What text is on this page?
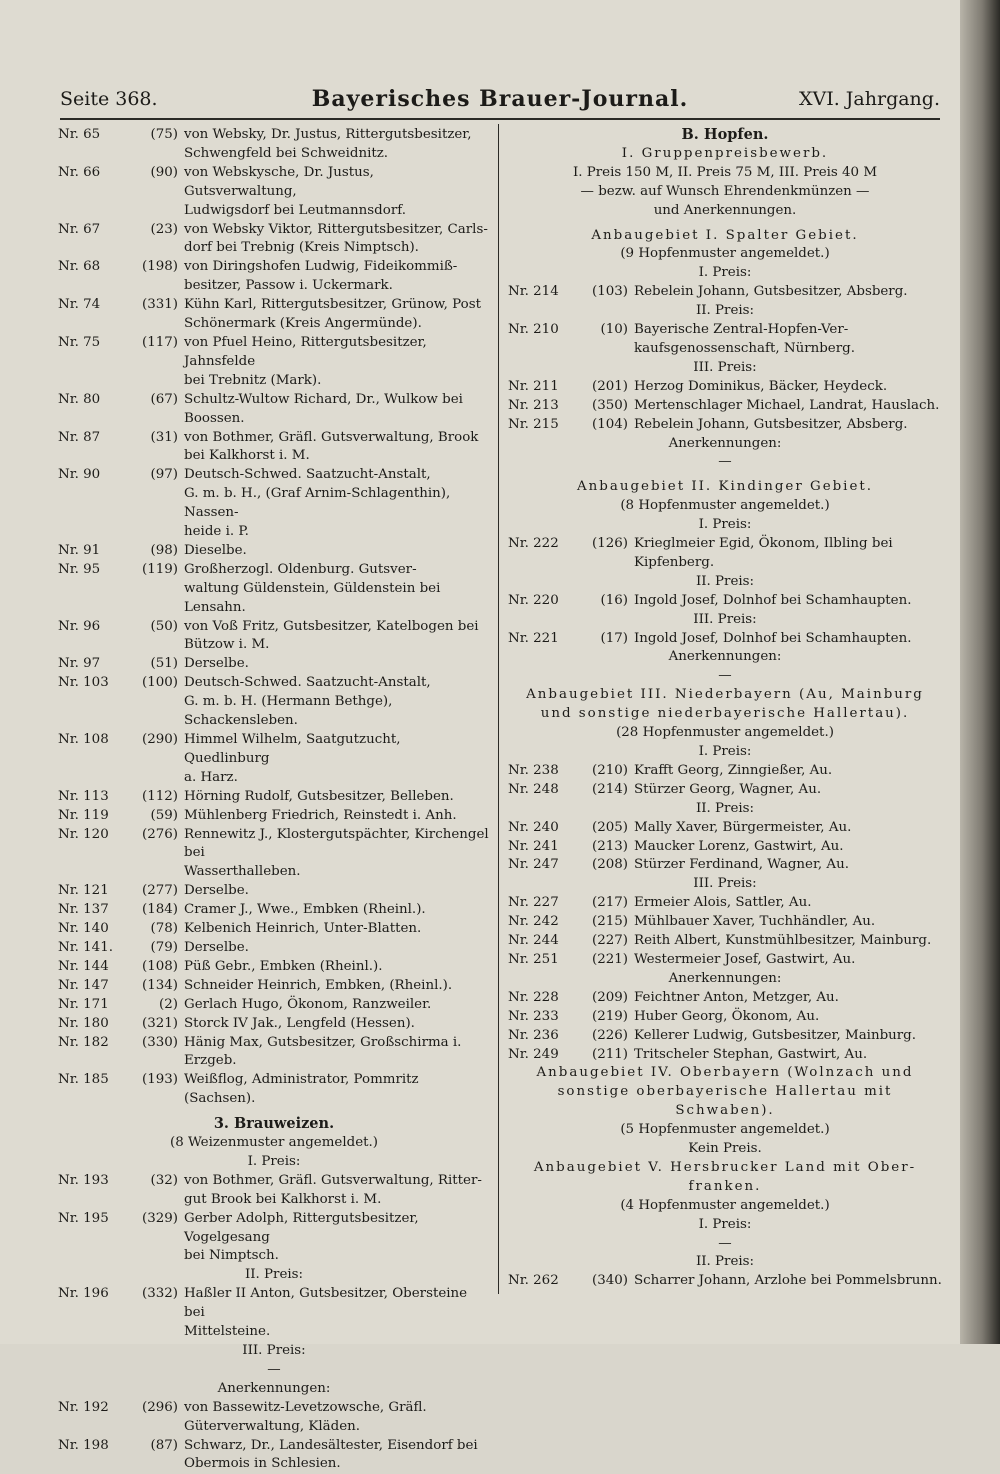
Seite 368.	Bayerisches Brauer-Journal.	XVI. Jahrgang.
Nr. 65	(75) von Websky, Dr. Justus, Rittergutsbesitzer,
Schwengfeld bei Schweidnitz.
Nr. 66	(90) von Webskysche, Dr. Justus, Gutsverwaltung,
Ludwigsdorf bei Leutmannsdorf.
Nr. 67	(23) von Websky Viktor, Rittergutsbesitzer, Carls-
dorf bei Trebnig (Kreis Nimptsch).
Nr. 68	(198) von Diringshofen Ludwig, Fideikommiß-
besitzer, Passow i. Uckermark.
Nr. 74	(331) Kühn Karl, Rittergutsbesitzer, Grünow, Post
Schönermark (Kreis Angermünde).
Nr. 75	(117) von Pfuel Heino, Rittergutsbesitzer, Jahnsfelde
bei Trebnitz (Mark).
Nr. 80	(67) Schultz-Wultow Richard, Dr., Wulkow bei
Boossen.
Nr. 87	(31) von Bothmer, Gräfl. Gutsverwaltung, Brook
bei Kalkhorst i. M.
Nr. 90	(97) Deutsch-Schwed. Saatzucht-Anstalt,
G. m. b. H., (Graf Arnim-Schlagenthin), Nassen-
heide i. P.
Nr. 91	(98) Dieselbe.
Nr. 95	(119) Großherzogl. Oldenburg. Gutsver-
waltung Güldenstein, Güldenstein bei
Lensahn.
Nr. 96	(50) von Voß Fritz, Gutsbesitzer, Katelbogen bei
Bützow i. M.
Nr. 97	(51) Derselbe.
Nr. 103	(100) Deutsch-Schwed. Saatzucht-Anstalt,
G. m. b. H. (Hermann Bethge), Schackensleben.
Nr. 108	(290) Himmel Wilhelm, Saatgutzucht, Quedlinburg
a. Harz.
Nr. 113	(112) Hörning Rudolf, Gutsbesitzer, Belleben.
Nr. 119	(59) Mühlenberg Friedrich, Reinstedt i. Anh.
Nr. 120	(276) Rennewitz J., Klostergutspächter, Kirchengel bei
Wasserthalleben.
Nr. 121	(277) Derselbe.
Nr. 137	(184) Cramer J., Wwe., Embken (Rheinl.).
Nr. 140	(78) Kelbenich Heinrich, Unter-Blatten.
Nr. 141.	(79) Derselbe.
Nr. 144	(108) Püß Gebr., Embken (Rheinl.).
Nr. 147	(134) Schneider Heinrich, Embken, (Rheinl.).
Nr. 171	(2) Gerlach Hugo, Ökonom, Ranzweiler.
Nr. 180	(321) Storck IV Jak., Lengfeld (Hessen).
Nr. 182	(330) Hänig Max, Gutsbesitzer, Großschirma i. Erzgeb.
Nr. 185	(193) Weißflog, Administrator, Pommritz (Sachsen).
3. Brauweizen.
(8 Weizenmuster angemeldet.)
I. Preis:
Nr. 193	(32) von Bothmer, Gräfl. Gutsverwaltung, Ritter-
gut Brook bei Kalkhorst i. M.
Nr. 195	(329) Gerber Adolph, Rittergutsbesitzer, Vogelgesang
bei Nimptsch.
II. Preis:
Nr. 196	(332) Haßler II Anton, Gutsbesitzer, Obersteine bei
Mittelsteine.
III. Preis:
—
Anerkennungen:
Nr. 192	(296) von Bassewitz-Levetzowsche, Gräfl.
Güterverwaltung, Kläden.
Nr. 198	(87) Schwarz, Dr., Landesältester, Eisendorf bei
Obermois in Schlesien.
B. Hopfen.
I. Gruppenpreisbewerb.
I. Preis 150 M, II. Preis 75 M, III. Preis 40 M
— bezw. auf Wunsch Ehrendenkmünzen —
und Anerkennungen.
Anbaugebiet I. Spalter Gebiet.
(9 Hopfenmuster angemeldet.)
I. Preis:
Nr. 214	(103) Rebelein Johann, Gutsbesitzer, Absberg.
II. Preis:
Nr. 210	(10) Bayerische Zentral-Hopfen-Ver-
kaufsgenossenschaft, Nürnberg.
III. Preis:
Nr. 211	(201) Herzog Dominikus, Bäcker, Heydeck.
Nr. 213	(350) Mertenschlager Michael, Landrat, Hauslach.
Nr. 215	(104) Rebelein Johann, Gutsbesitzer, Absberg.
Anerkennungen:
—
Anbaugebiet II. Kindinger Gebiet.
(8 Hopfenmuster angemeldet.)
I. Preis:
Nr. 222	(126) Krieglmeier Egid, Ökonom, Ilbling bei
Kipfenberg.
II. Preis:
Nr. 220	(16) Ingold Josef, Dolnhof bei Schamhaupten.
III. Preis:
Nr. 221	(17) Ingold Josef, Dolnhof bei Schamhaupten.
Anerkennungen:
—
Anbaugebiet III. Niederbayern (Au, Mainburg
und sonstige niederbayerische Hallertau).
(28 Hopfenmuster angemeldet.)
I. Preis:
Nr. 238	(210) Krafft Georg, Zinngießer, Au.
Nr. 248	(214) Stürzer Georg, Wagner, Au.
II. Preis:
Nr. 240	(205) Mally Xaver, Bürgermeister, Au.
Nr. 241	(213) Maucker Lorenz, Gastwirt, Au.
Nr. 247	(208) Stürzer Ferdinand, Wagner, Au.
III. Preis:
Nr. 227	(217) Ermeier Alois, Sattler, Au.
Nr. 242	(215) Mühlbauer Xaver, Tuchhändler, Au.
Nr. 244	(227) Reith Albert, Kunstmühlbesitzer, Mainburg.
Nr. 251	(221) Westermeier Josef, Gastwirt, Au.
Anerkennungen:
Nr. 228	(209) Feichtner Anton, Metzger, Au.
Nr. 233	(219) Huber Georg, Ökonom, Au.
Nr. 236	(226) Kellerer Ludwig, Gutsbesitzer, Mainburg.
Nr. 249	(211) Tritscheler Stephan, Gastwirt, Au.
Anbaugebiet IV. Oberbayern (Wolnzach und
sonstige oberbayerische Hallertau mit Schwaben).
(5 Hopfenmuster angemeldet.)
Kein Preis.
Anbaugebiet V. Hersbrucker Land mit Ober-
franken.
(4 Hopfenmuster angemeldet.)
I. Preis:
—
II. Preis:
Nr. 262	(340) Scharrer Johann, Arzlohe bei Pommelsbrunn.
